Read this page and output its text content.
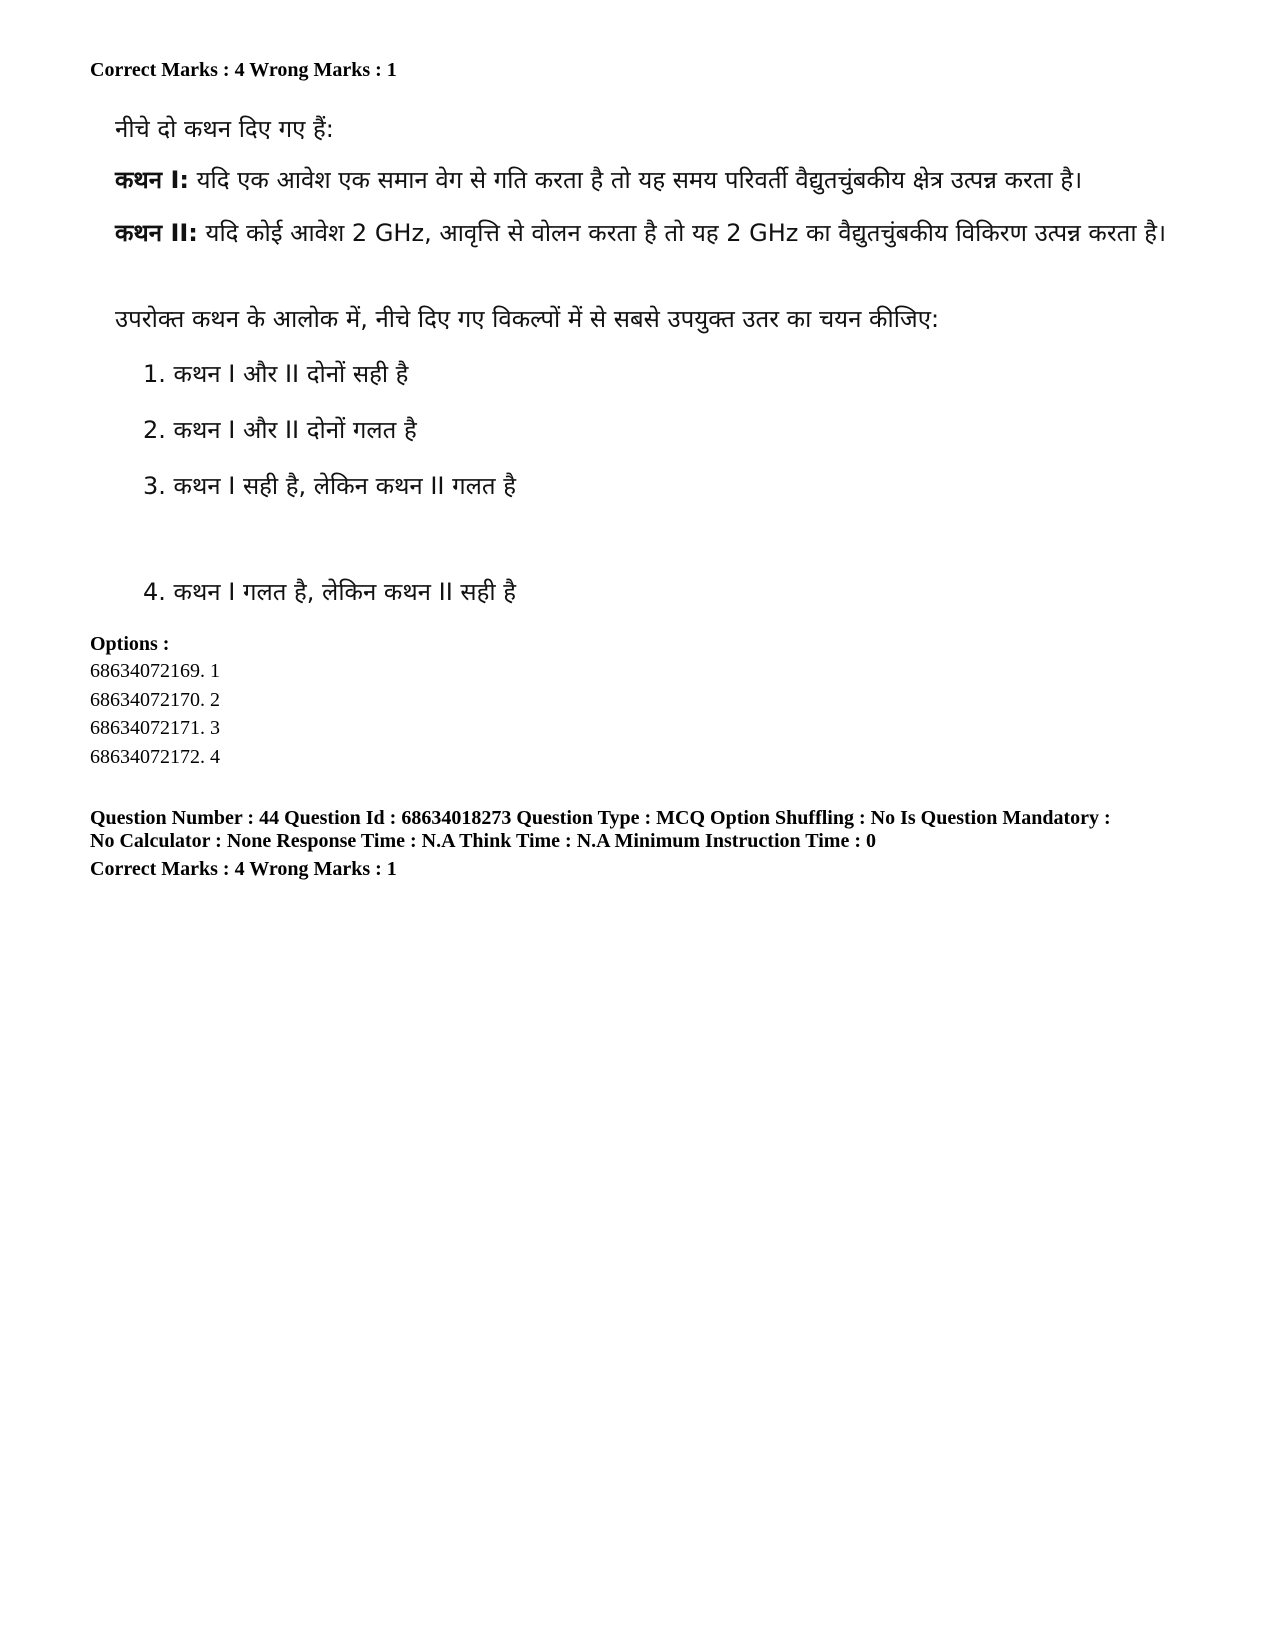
Correct Marks : 4 Wrong Marks : 1
नीचे दो कथन दिए गए हैं:
कथन I: यदि एक आवेश एक समान वेग से गति करता है तो यह समय परिवर्ती वैद्युतचुंबकीय क्षेत्र उत्पन्न करता है।
कथन II: यदि कोई आवेश 2 GHz, आवृत्ति से वोलन करता है तो यह 2 GHz का वैद्युतचुंबकीय विकिरण उत्पन्न करता है।
उपरोक्त कथन के आलोक में, नीचे दिए गए विकल्पों में से सबसे उपयुक्त उतर का चयन कीजिए:
1. कथन I और II दोनों सही है
2. कथन I और II दोनों गलत है
3. कथन I सही है, लेकिन कथन II गलत है
4. कथन I गलत है, लेकिन कथन II सही है
Options :
68634072169. 1
68634072170. 2
68634072171. 3
68634072172. 4
Question Number : 44 Question Id : 68634018273 Question Type : MCQ Option Shuffling : No Is Question Mandatory :
No Calculator : None Response Time : N.A Think Time : N.A Minimum Instruction Time : 0
Correct Marks : 4 Wrong Marks : 1
